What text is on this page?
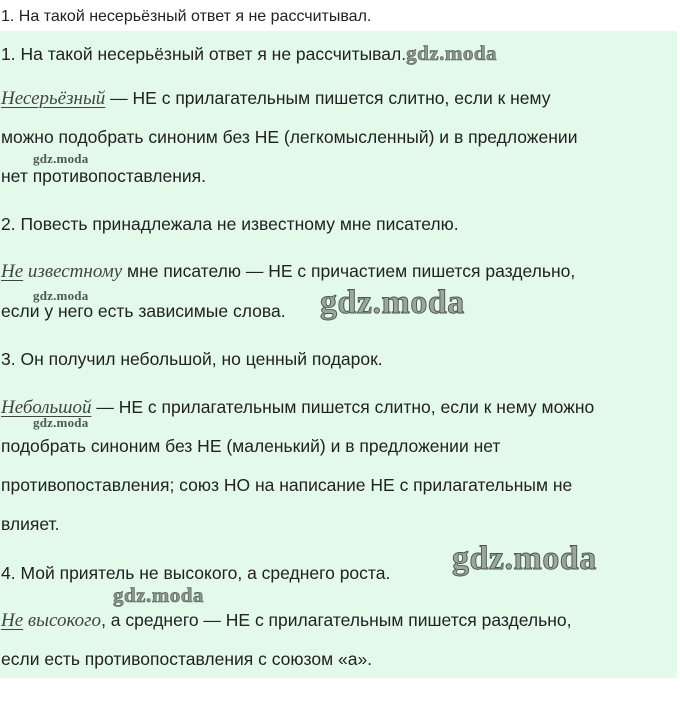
1. На такой несерьёзный ответ я не рассчитывал.
1. На такой несерьёзный ответ я не рассчитывал.gdz.moda
Несерьёзный — НЕ с прилагательным пишется слитно, если к нему
gdz.moda
можно подобрать синоним без НЕ (легкомысленный) и в предложении
нет противопоставления.
2. Повесть принадлежала не известному мне писателю.
Не известному мне писателю — НЕ с причастием пишется раздельно,
gdz.moda
если у него есть зависимые слова. gdz.moda
3. Он получил небольшой, но ценный подарок.
Небольшой — НЕ с прилагательным пишется слитно, если к нему можно
gdz.moda
подобрать синоним без НЕ (маленький) и в предложении нет
противопоставления; союз НО на написание НЕ с прилагательным не
влияет.
4. Мой приятель не высокого, а среднего роста. gdz.moda
gdz.moda
Не высокого, а среднего — НЕ с прилагательным пишется раздельно,
если есть противопоставления с союзом «а».
